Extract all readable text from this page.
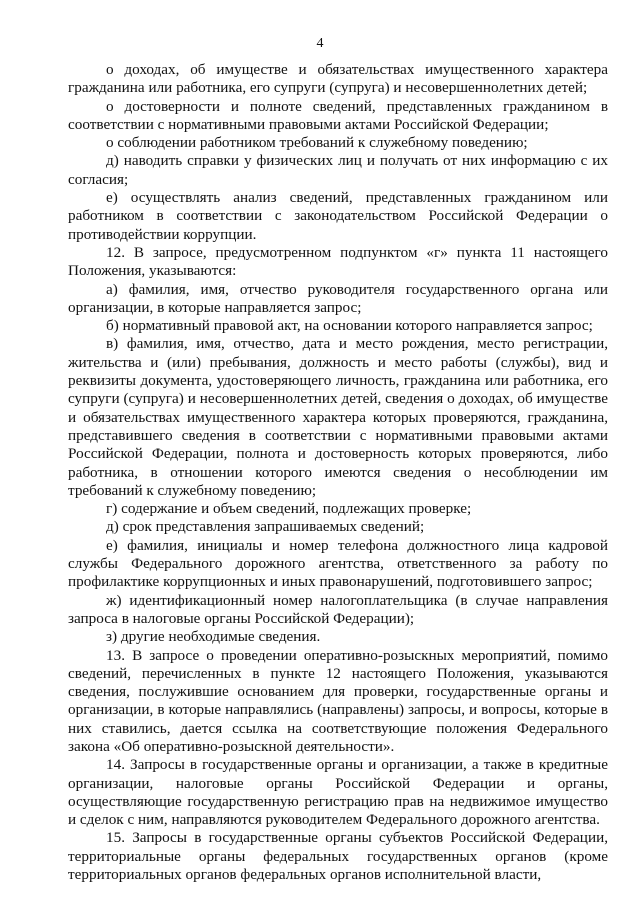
4

о доходах, об имуществе и обязательствах имущественного характера гражданина или работника, его супруги (супруга) и несовершеннолетних детей;

о достоверности и полноте сведений, представленных гражданином в соответствии с нормативными правовыми актами Российской Федерации;

о соблюдении работником требований к служебному поведению;

д) наводить справки у физических лиц и получать от них информацию с их согласия;

е) осуществлять анализ сведений, представленных гражданином или работником в соответствии с законодательством Российской Федерации о противодействии коррупции.

12. В запросе, предусмотренном подпунктом «г» пункта 11 настоящего Положения, указываются:

а) фамилия, имя, отчество руководителя государственного органа или организации, в которые направляется запрос;

б) нормативный правовой акт, на основании которого направляется запрос;

в) фамилия, имя, отчество, дата и место рождения, место регистрации, жительства и (или) пребывания, должность и место работы (службы), вид и реквизиты документа, удостоверяющего личность, гражданина или работника, его супруги (супруга) и несовершеннолетних детей, сведения о доходах, об имуществе и обязательствах имущественного характера которых проверяются, гражданина, представившего сведения в соответствии с нормативными правовыми актами Российской Федерации, полнота и достоверность которых проверяются, либо работника, в отношении которого имеются сведения о несоблюдении им требований к служебному поведению;

г) содержание и объем сведений, подлежащих проверке;

д) срок представления запрашиваемых сведений;

е) фамилия, инициалы и номер телефона должностного лица кадровой службы Федерального дорожного агентства, ответственного за работу по профилактике коррупционных и иных правонарушений, подготовившего запрос;

ж) идентификационный номер налогоплательщика (в случае направления запроса в налоговые органы Российской Федерации);

з) другие необходимые сведения.

13. В запросе о проведении оперативно-розыскных мероприятий, помимо сведений, перечисленных в пункте 12 настоящего Положения, указываются сведения, послужившие основанием для проверки, государственные органы и организации, в которые направлялись (направлены) запросы, и вопросы, которые в них ставились, дается ссылка на соответствующие положения Федерального закона «Об оперативно-розыскной деятельности».

14. Запросы в государственные органы и организации, а также в кредитные организации, налоговые органы Российской Федерации и органы, осуществляющие государственную регистрацию прав на недвижимое имущество и сделок с ним, направляются руководителем Федерального дорожного агентства.

15. Запросы в государственные органы субъектов Российской Федерации, территориальные органы федеральных государственных органов (кроме территориальных органов федеральных органов исполнительной власти,
